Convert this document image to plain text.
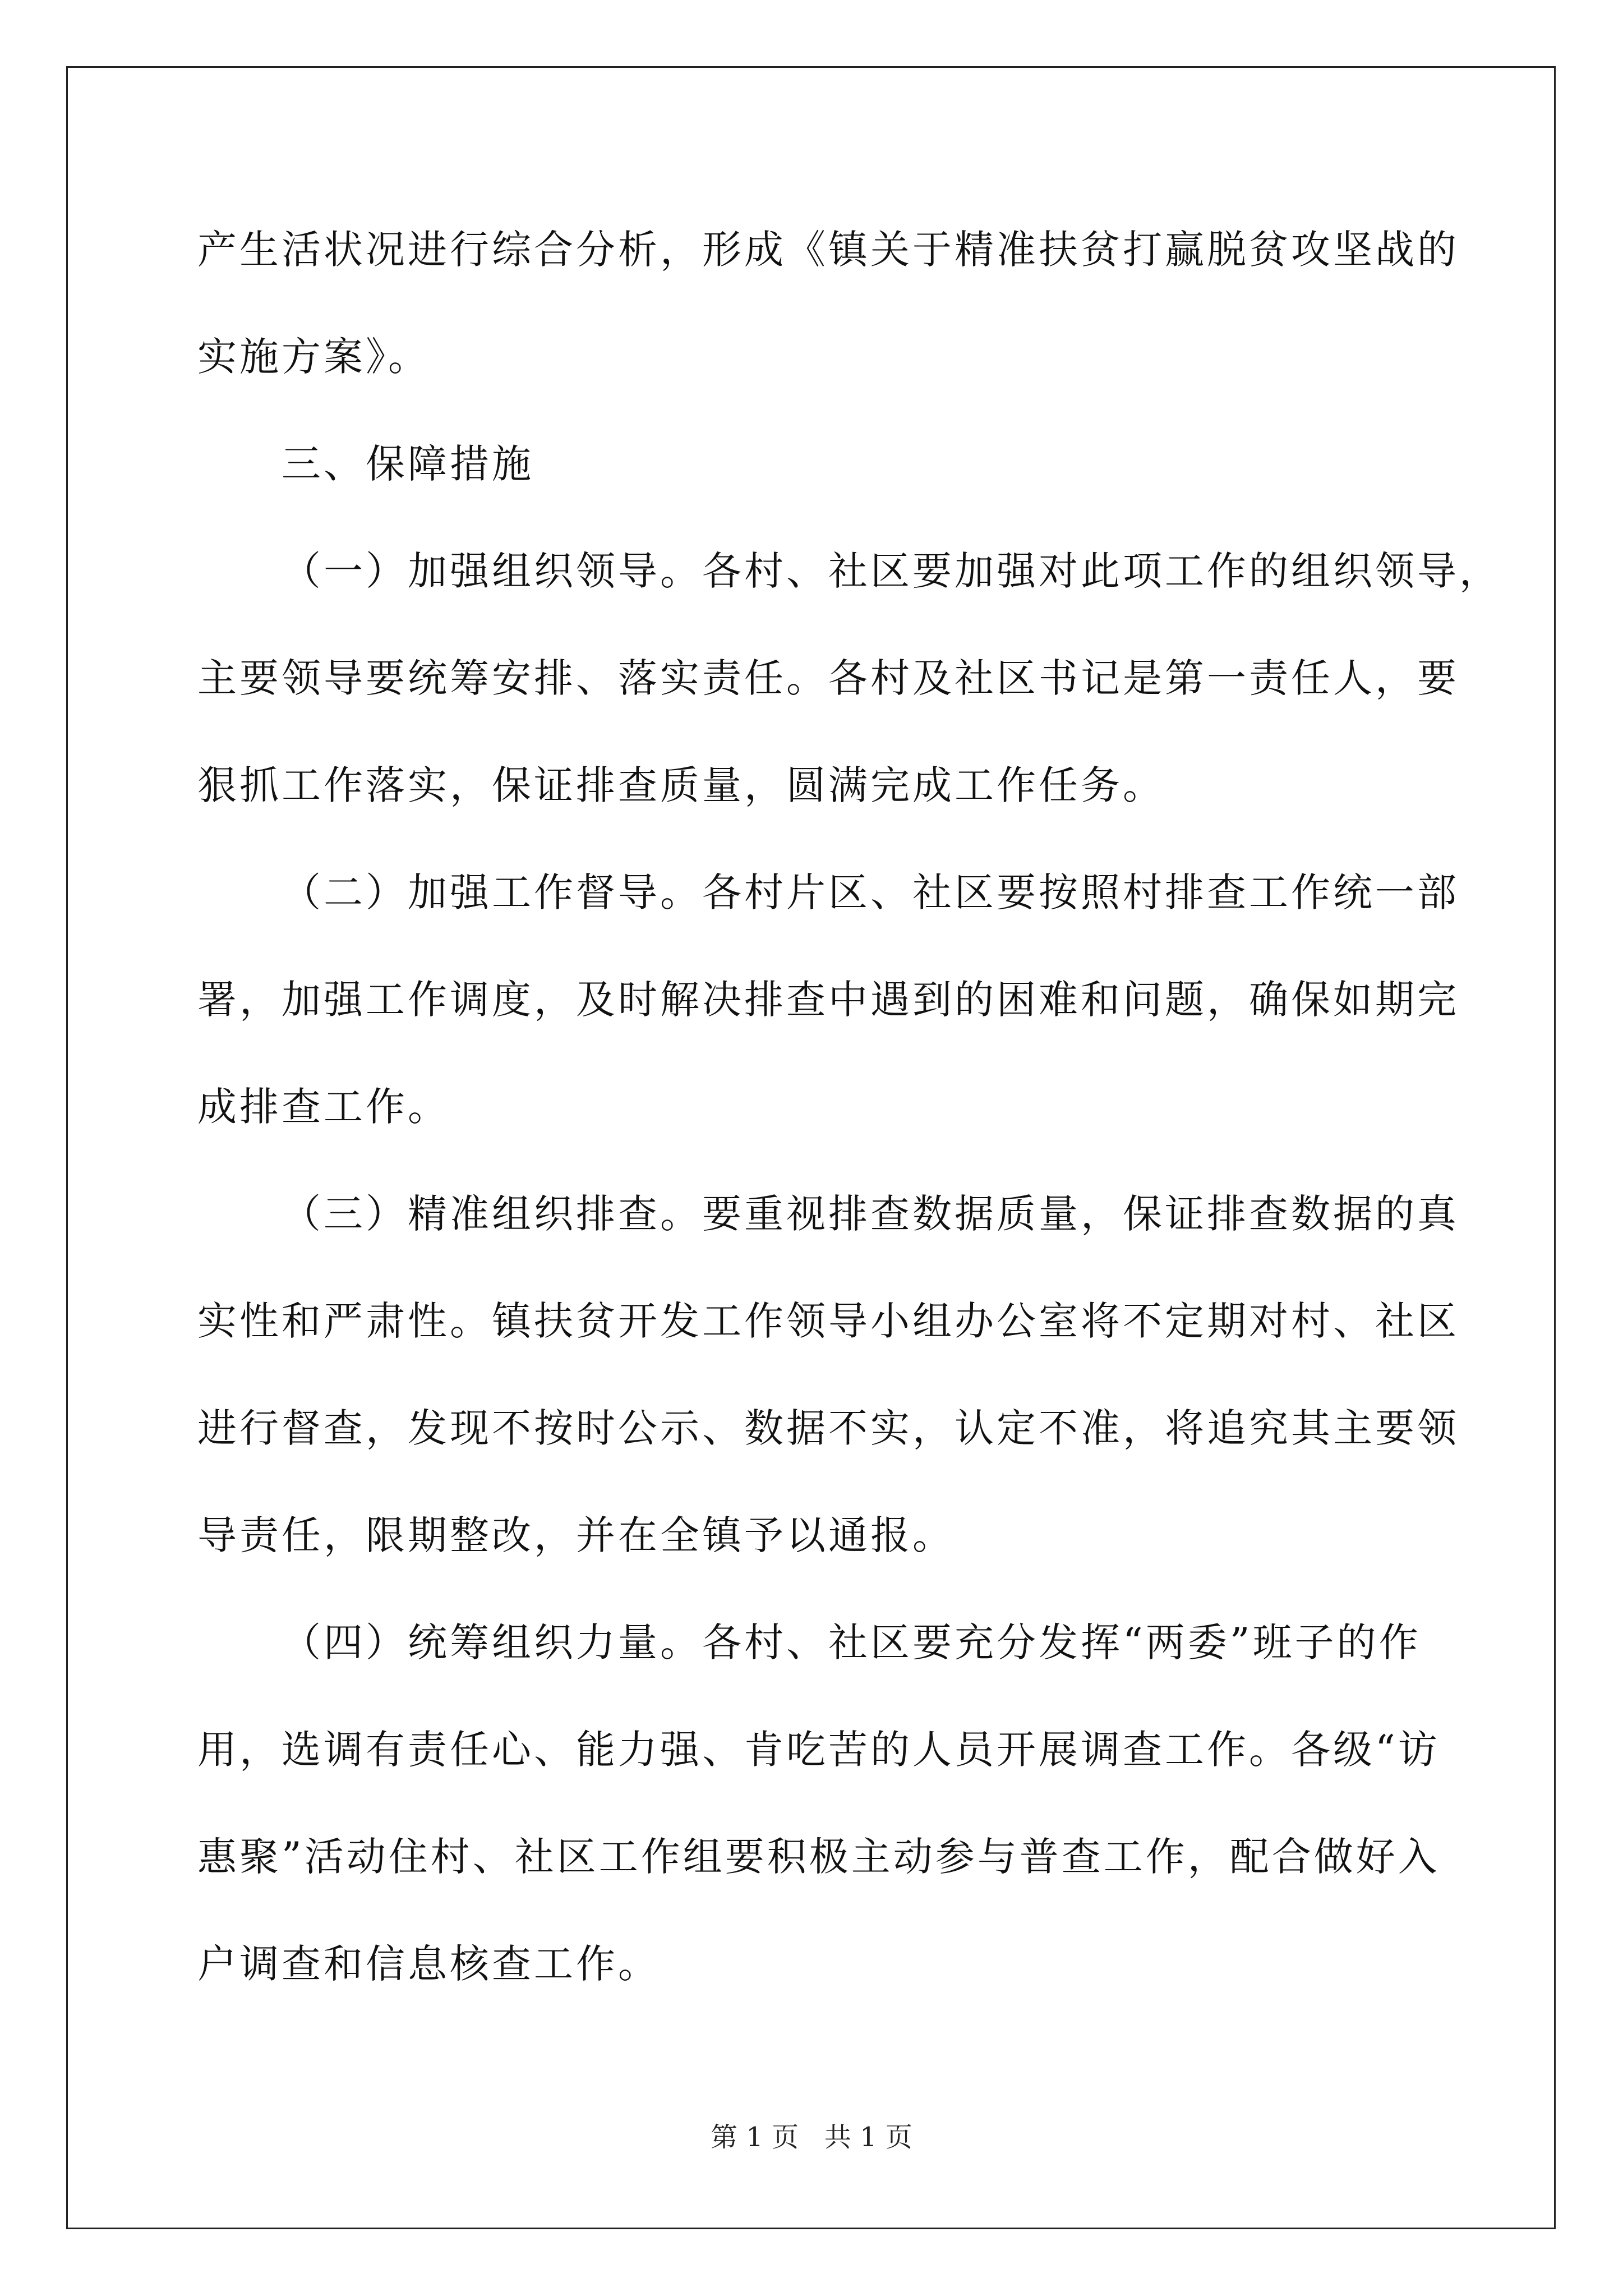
产生活状况进行综合分析，形成《镇关于精准扶贫打赢脱贫攻坚战的
实施方案》。
三、保障措施
（一）加强组织领导。各村、社区要加强对此项工作的组织领导，
主要领导要统筹安排、落实责任。各村及社区书记是第一责任人，要
狠抓工作落实，保证排查质量，圆满完成工作任务。
（二）加强工作督导。各村片区、社区要按照村排查工作统一部
署，加强工作调度，及时解决排查中遇到的困难和问题，确保如期完
成排查工作。
（三）精准组织排查。要重视排查数据质量，保证排查数据的真
实性和严肃性。镇扶贫开发工作领导小组办公室将不定期对村、社区
进行督查，发现不按时公示、数据不实，认定不准，将追究其主要领
导责任，限期整改，并在全镇予以通报。
（四）统筹组织力量。各村、社区要充分发挥“两委”班子的作
用，选调有责任心、能力强、肯吃苦的人员开展调查工作。各级“访
惠聚”活动住村、社区工作组要积极主动参与普查工作，配合做好入
户调查和信息核查工作。
第 1 页   共 1 页
